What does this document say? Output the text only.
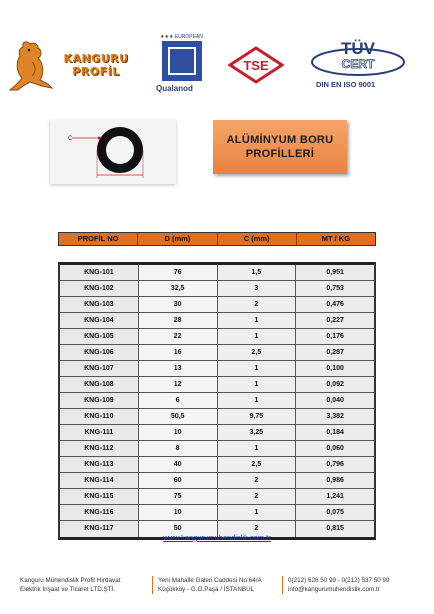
KANGURU
PROFİL
★★★ EUROPEAN
Qualanod
TSE
TÜV
CERT
DIN EN ISO 9001
C
D
ALÜMİNYUM BORU
PROFİLLERİ
PROFİL NO	D (mm)	C (mm)	MT / KG
KNG-101	76	1,5	0,951
KNG-102	32,5	3	0,753
KNG-103	30	2	0,476
KNG-104	28	1	0,227
KNG-105	22	1	0,176
KNG-106	16	2,5	0,287
KNG-107	13	1	0,100
KNG-108	12	1	0,092
KNG-109	6	1	0,040
KNG-110	50,5	9,75	3,382
KNG-111	10	3,25	0,184
KNG-112	8	1	0,060
KNG-113	40	2,5	0,796
KNG-114	60	2	0,986
KNG-115	75	2	1,241
KNG-116	10	1	0,075
KNG-117	50	2	0,815
www.kangurumuhendislik.com.tr
Kanguru Mühendislik Profil Hırdavat
Elektrik İnşaat ve Ticaret LTD.ŞTİ.
Yeni Mahalle Galeri Caddesi No:64/A
Küçükköy - G.O.Paşa / İSTANBUL
0(212) 626 50 99 - 0(212) 537 50 99
info@kangurumuhendislik.com.tr
